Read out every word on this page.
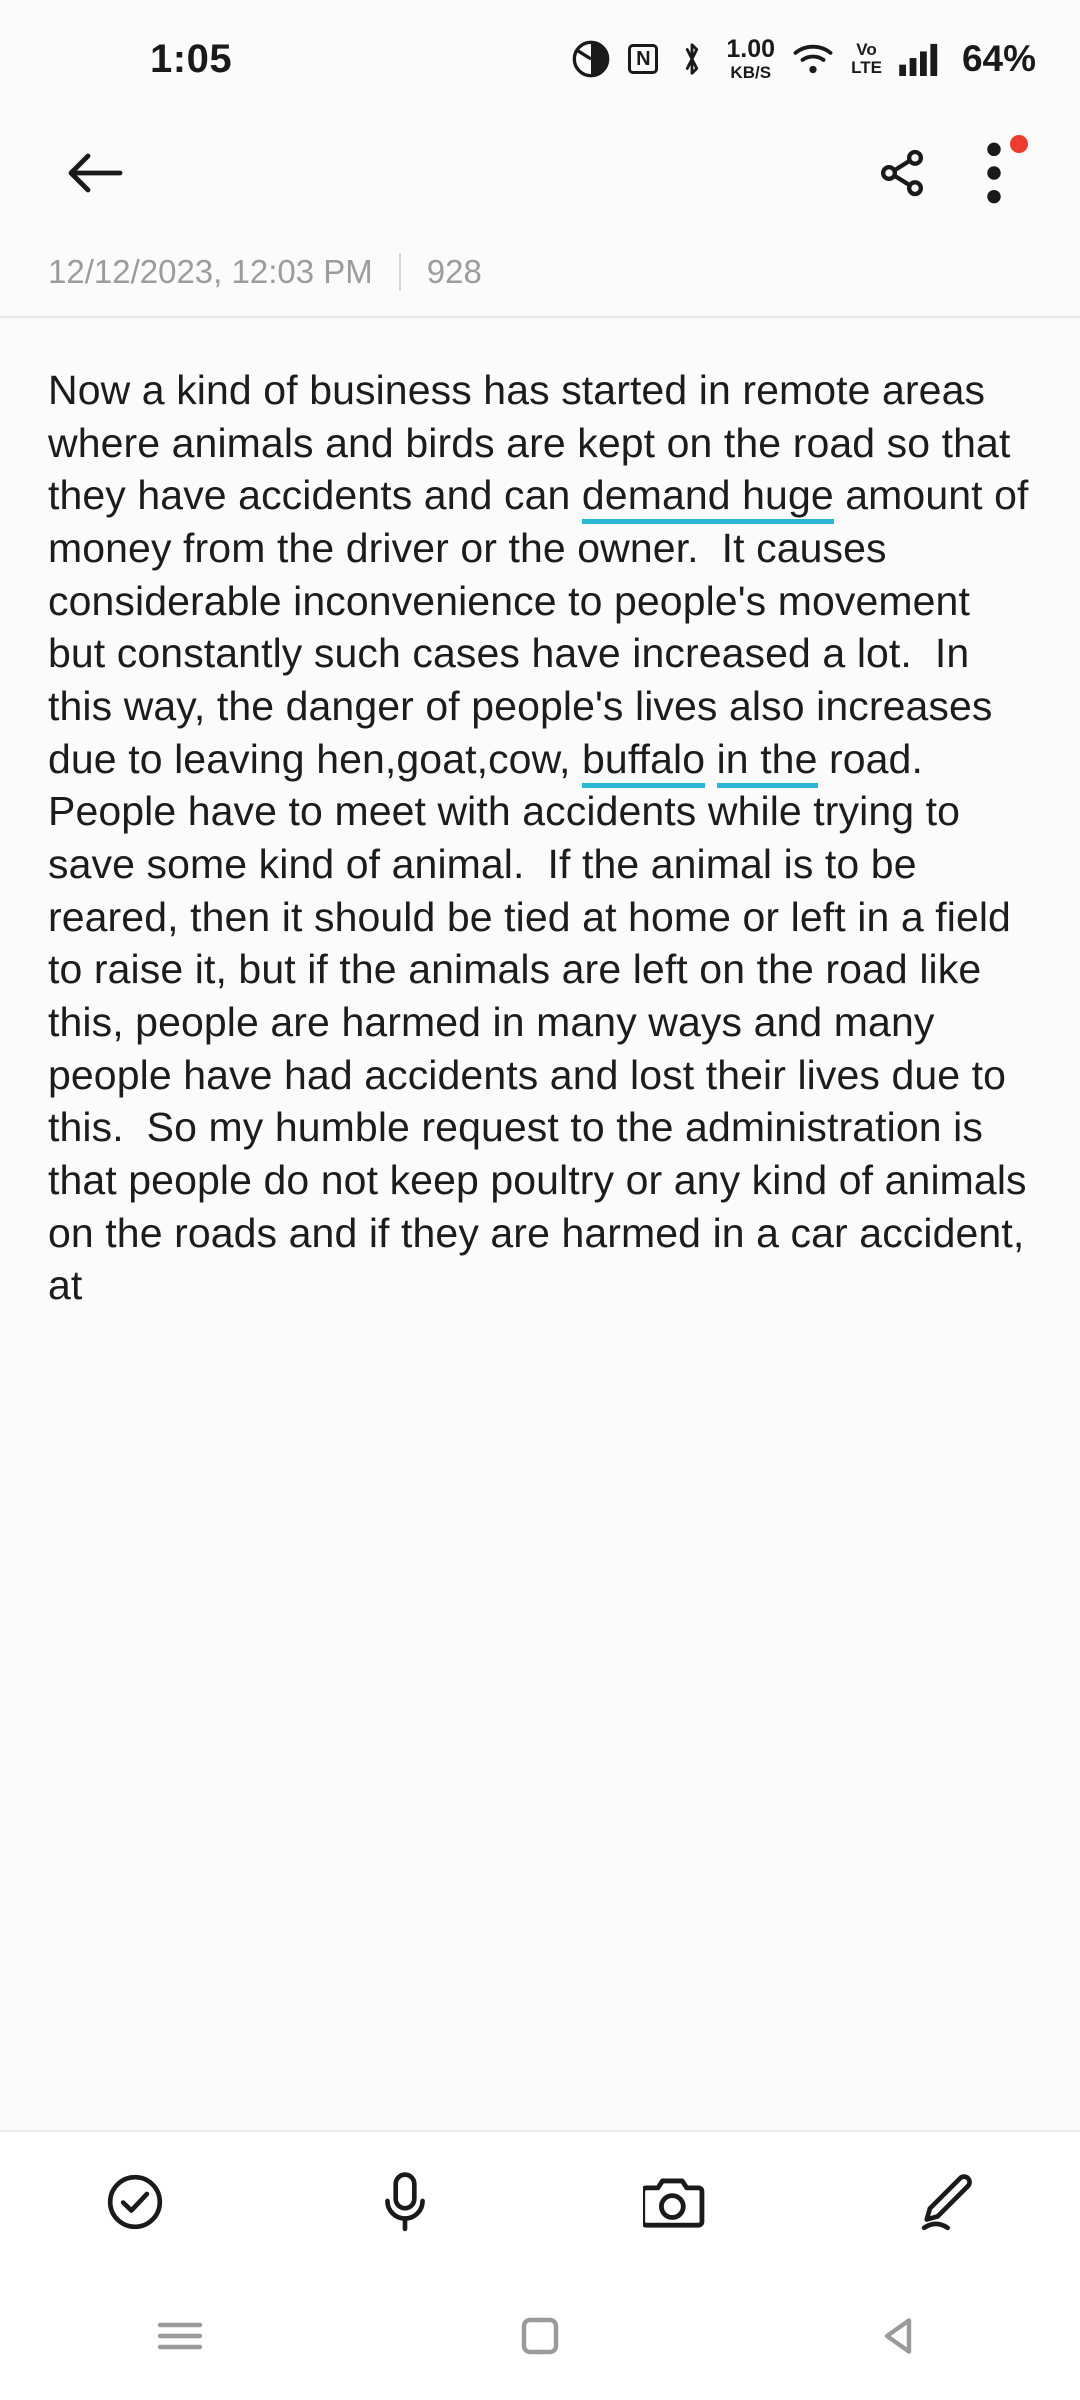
1:05	N	1.00
KB/S
Vo
LTE 64%
12/12/2023, 12:03 PM 928
Now a kind of business has started in remote areas where animals and birds are kept on the road so that they have accidents and can demand huge amount of money from the driver or the owner.  It causes considerable inconvenience to people's movement but constantly such cases have increased a lot.  In this way, the danger of people's lives also increases due to leaving hen,goat,cow, buffalo in the road. People have to meet with accidents while trying to save some kind of animal.  If the animal is to be reared, then it should be tied at home or left in a field to raise it, but if the animals are left on the road like this, people are harmed in many ways and many people have had accidents and lost their lives due to this.  So my humble request to the administration is that people do not keep poultry or any kind of animals on the roads and if they are harmed in a car accident, at
